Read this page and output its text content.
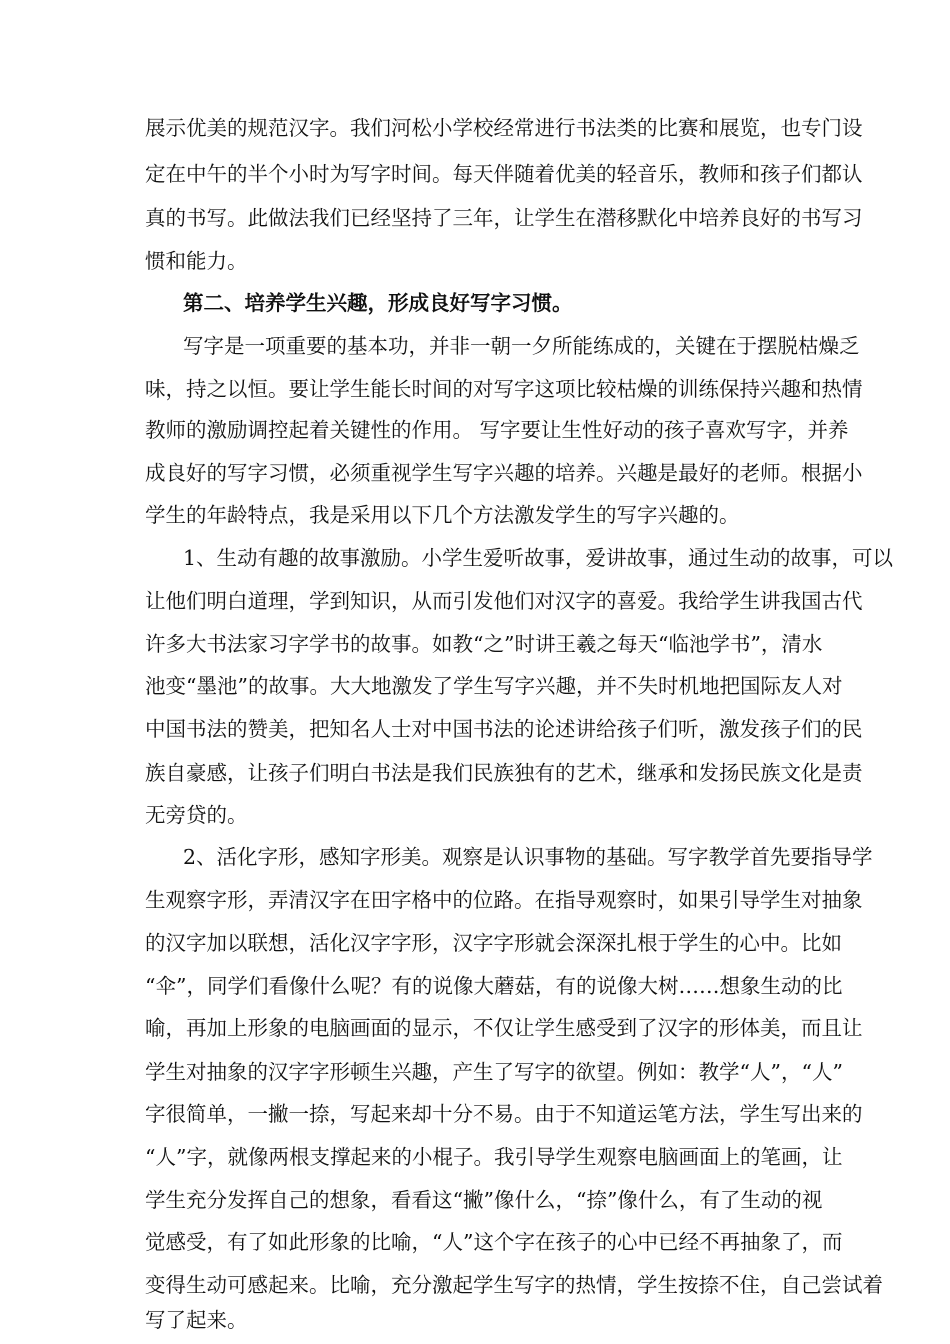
展示优美的规范汉字。我们河松小学校经常进行书法类的比赛和展览，也专门设
定在中午的半个小时为写字时间。每天伴随着优美的轻音乐，教师和孩子们都认
真的书写。此做法我们已经坚持了三年，让学生在潜移默化中培养良好的书写习
惯和能力。
第二、培养学生兴趣，形成良好写字习惯。
写字是一项重要的基本功，并非一朝一夕所能练成的，关键在于摆脱枯燥乏
味，持之以恒。要让学生能长时间的对写字这项比较枯燥的训练保持兴趣和热情
教师的激励调控起着关键性的作用。 写字要让生性好动的孩子喜欢写字，并养
成良好的写字习惯，必须重视学生写字兴趣的培养。兴趣是最好的老师。根据小
学生的年龄特点，我是采用以下几个方法激发学生的写字兴趣的。
1、生动有趣的故事激励。小学生爱听故事，爱讲故事，通过生动的故事，可以
让他们明白道理，学到知识，从而引发他们对汉字的喜爱。我给学生讲我国古代
许多大书法家习字学书的故事。如教“之”时讲王羲之每天“临池学书”，清水
池变“墨池”的故事。大大地激发了学生写字兴趣，并不失时机地把国际友人对
中国书法的赞美，把知名人士对中国书法的论述讲给孩子们听，激发孩子们的民
族自豪感，让孩子们明白书法是我们民族独有的艺术，继承和发扬民族文化是责
无旁贷的。
2、活化字形，感知字形美。观察是认识事物的基础。写字教学首先要指导学
生观察字形，弄清汉字在田字格中的位路。在指导观察时，如果引导学生对抽象
的汉字加以联想，活化汉字字形，汉字字形就会深深扎根于学生的心中。比如
“伞”，同学们看像什么呢？有的说像大蘑菇，有的说像大树……想象生动的比
喻，再加上形象的电脑画面的显示，不仅让学生感受到了汉字的形体美，而且让
学生对抽象的汉字字形顿生兴趣，产生了写字的欲望。例如：教学“人”，“人”
字很简单，一撇一捺，写起来却十分不易。由于不知道运笔方法，学生写出来的
“人”字，就像两根支撑起来的小棍子。我引导学生观察电脑画面上的笔画，让
学生充分发挥自己的想象，看看这“撇”像什么，“捺”像什么，有了生动的视
觉感受，有了如此形象的比喻，“人”这个字在孩子的心中已经不再抽象了，而
变得生动可感起来。比喻，充分激起学生写字的热情，学生按捺不住，自己尝试着
写了起来。
